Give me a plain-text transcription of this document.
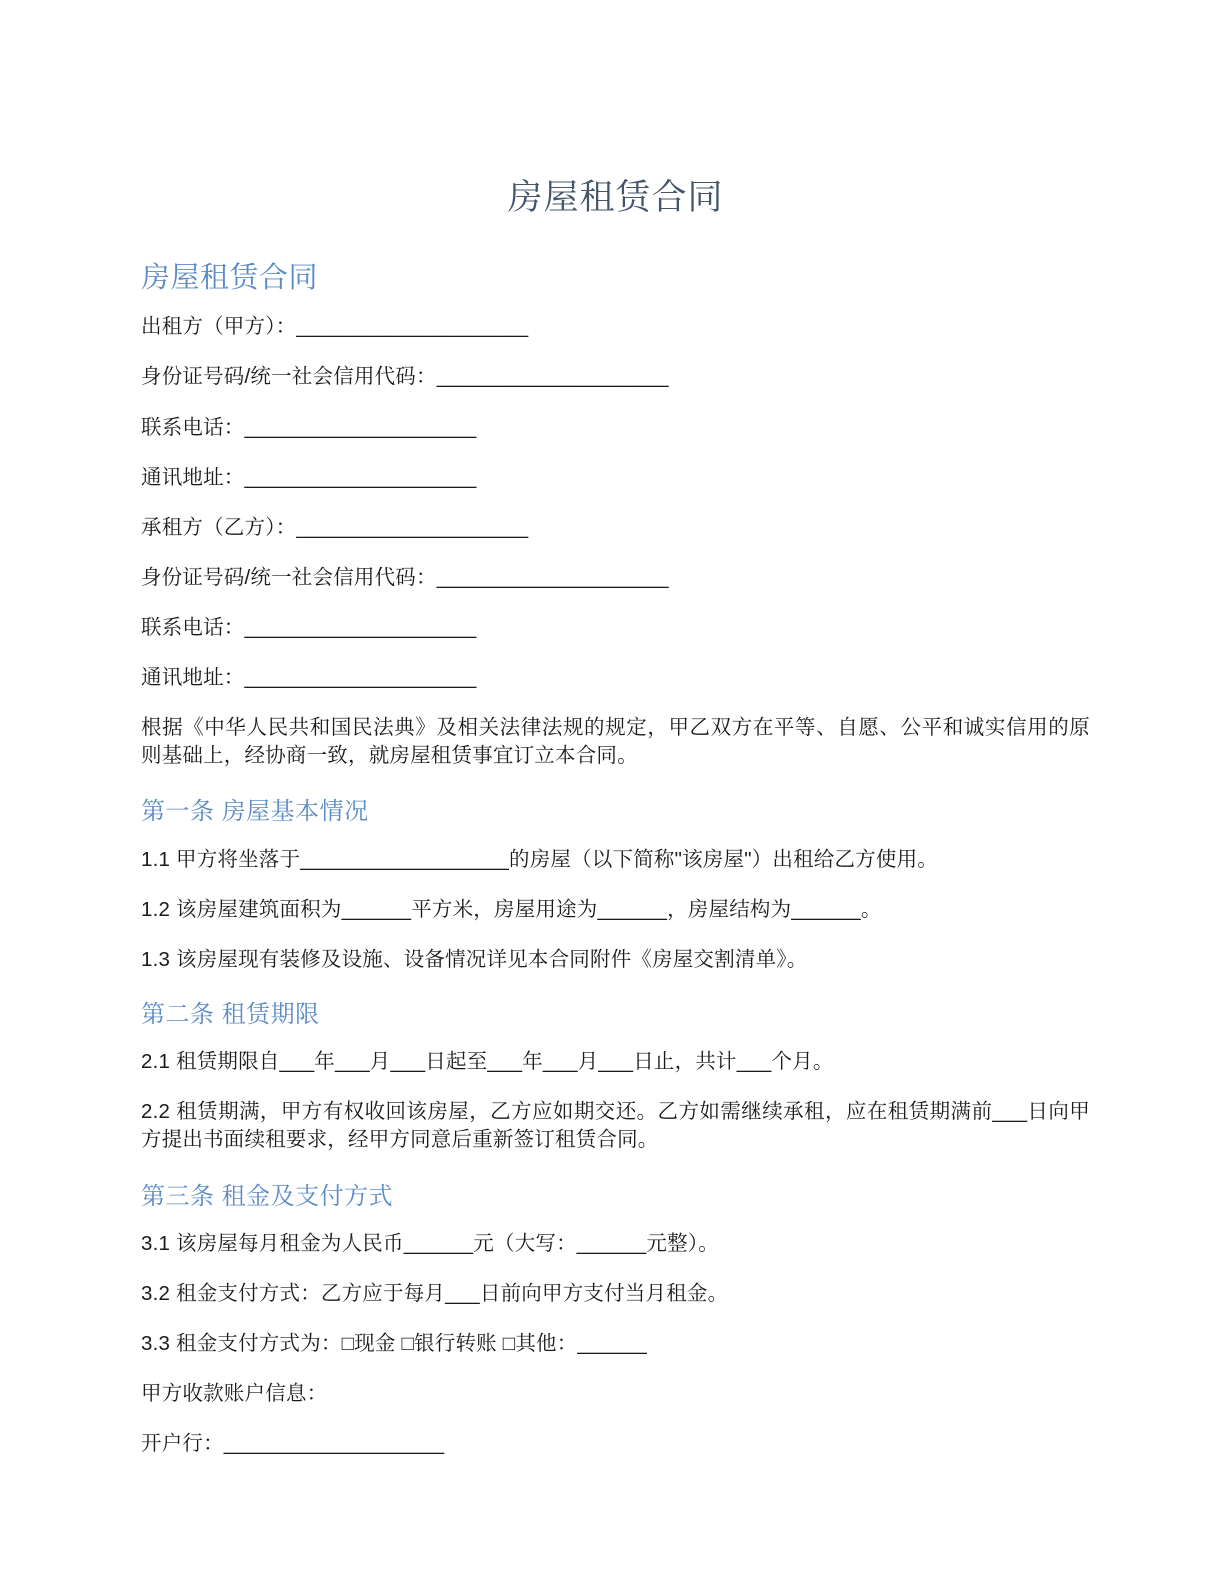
房屋租赁合同
房屋租赁合同

出租方（甲方）：____________________

身份证号码/统一社会信用代码：____________________

联系电话：____________________

通讯地址：____________________

承租方（乙方）：____________________

身份证号码/统一社会信用代码：____________________

联系电话：____________________

通讯地址：____________________

根据《中华人民共和国民法典》及相关法律法规的规定，甲乙双方在平等、自愿、公平和诚实信用的原则基础上，经协商一致，就房屋租赁事宜订立本合同。

第一条 房屋基本情况

1.1 甲方将坐落于__________________的房屋（以下简称"该房屋"）出租给乙方使用。

1.2 该房屋建筑面积为______平方米，房屋用途为______，房屋结构为______。

1.3 该房屋现有装修及设施、设备情况详见本合同附件《房屋交割清单》。

第二条 租赁期限

2.1 租赁期限自___年___月___日起至___年___月___日止，共计___个月。

2.2 租赁期满，甲方有权收回该房屋，乙方应如期交还。乙方如需继续承租，应在租赁期满前___日向甲方提出书面续租要求，经甲方同意后重新签订租赁合同。

第三条 租金及支付方式

3.1 该房屋每月租金为人民币______元（大写：______元整）。

3.2 租金支付方式：乙方应于每月___日前向甲方支付当月租金。

3.3 租金支付方式为：□现金 □银行转账 □其他：______

甲方收款账户信息：

开户行：___________________
